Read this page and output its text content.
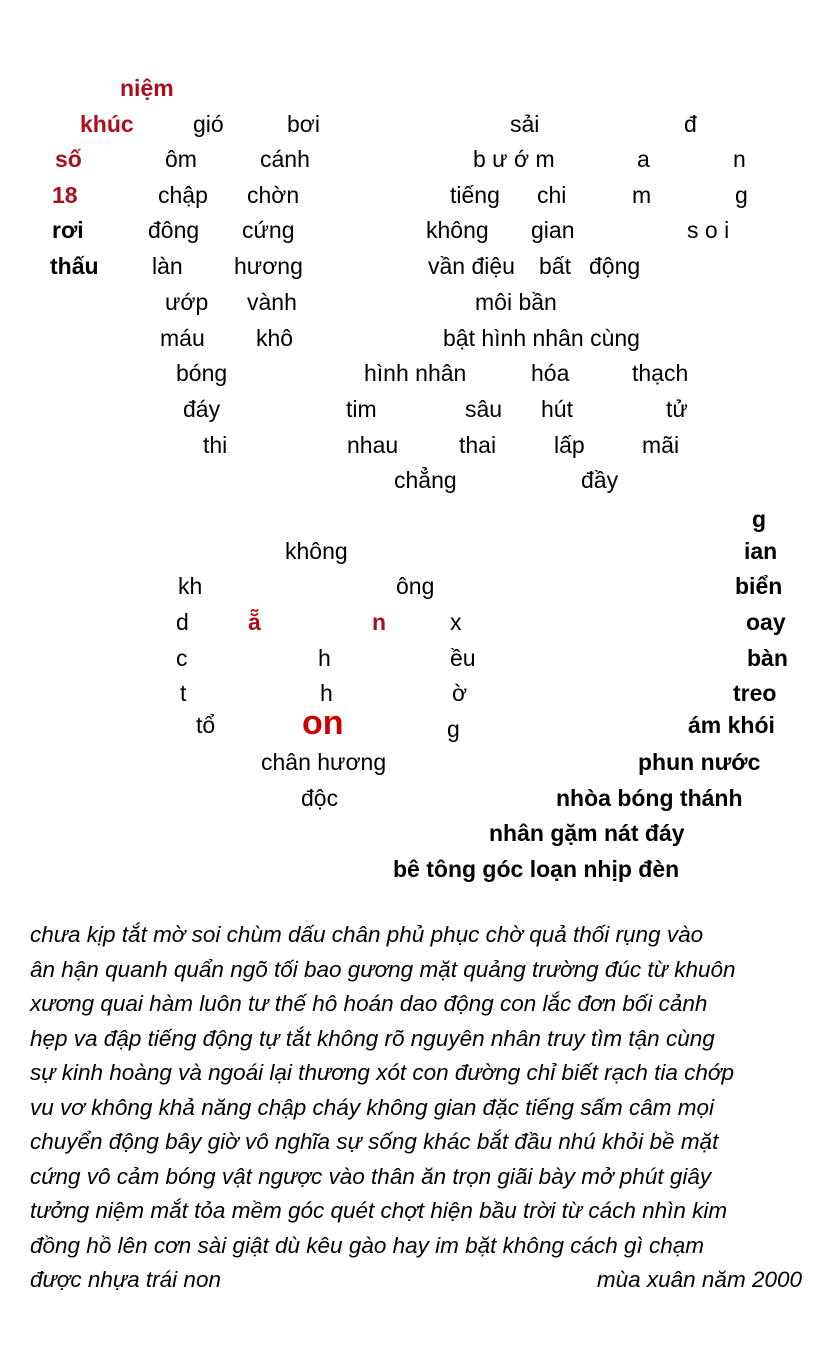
niệm
khúc	gió	bơi	sải	đ
số	ôm	cánh	b ư ớ m	a	n
18	chập chờn	tiếng chi	m	g
rơi	đông cứng	không gian	s o i
thấu làn hương	vần điệu bất động
ướp vành	môi bần
máu khô	bật hình nhân cùng
bóng	hình nhân	hóa	thạch
đáy	tim	sâu hút	tử
thi	nhau	thai	lấp mãi
chẳng	đầy
g
không	ian
kh	ông	biển
d	ẵ	n	x	oay
c	h	ều	bàn
t	h	ờ	treo
tổ	on	g	ám khói
chân hương	phun nước
độc	nhòa bóng thánh
nhân gặm nát đáy
bê tông góc loạn nhịp đèn
chưa kịp tắt mờ soi chùm dấu chân phủ phục chờ quả thối rụng vào
ân hận quanh quẩn ngõ tối bao gương mặt quảng trường đúc từ khuôn
xương quai hàm luôn tư thế hô hoán dao động con lắc đơn bối cảnh
hẹp va đập tiếng động tự tắt không rõ nguyên nhân truy tìm tận cùng
sự kinh hoàng và ngoái lại thương xót con đường chỉ biết rạch tia chớp
vu vơ không khả năng chập cháy không gian đặc tiếng sấm câm mọi
chuyển động bây giờ vô nghĩa sự sống khác bắt đầu nhú khỏi bề mặt
cứng vô cảm bóng vật ngược vào thân ăn trọn giãi bày mở phút giây
tưởng niệm mắt tỏa mềm góc quét chợt hiện bầu trời từ cách nhìn kim
đồng hồ lên cơn sài giật dù kêu gào hay im bặt không cách gì chạm
được nhựa trái non	mùa xuân năm 2000
